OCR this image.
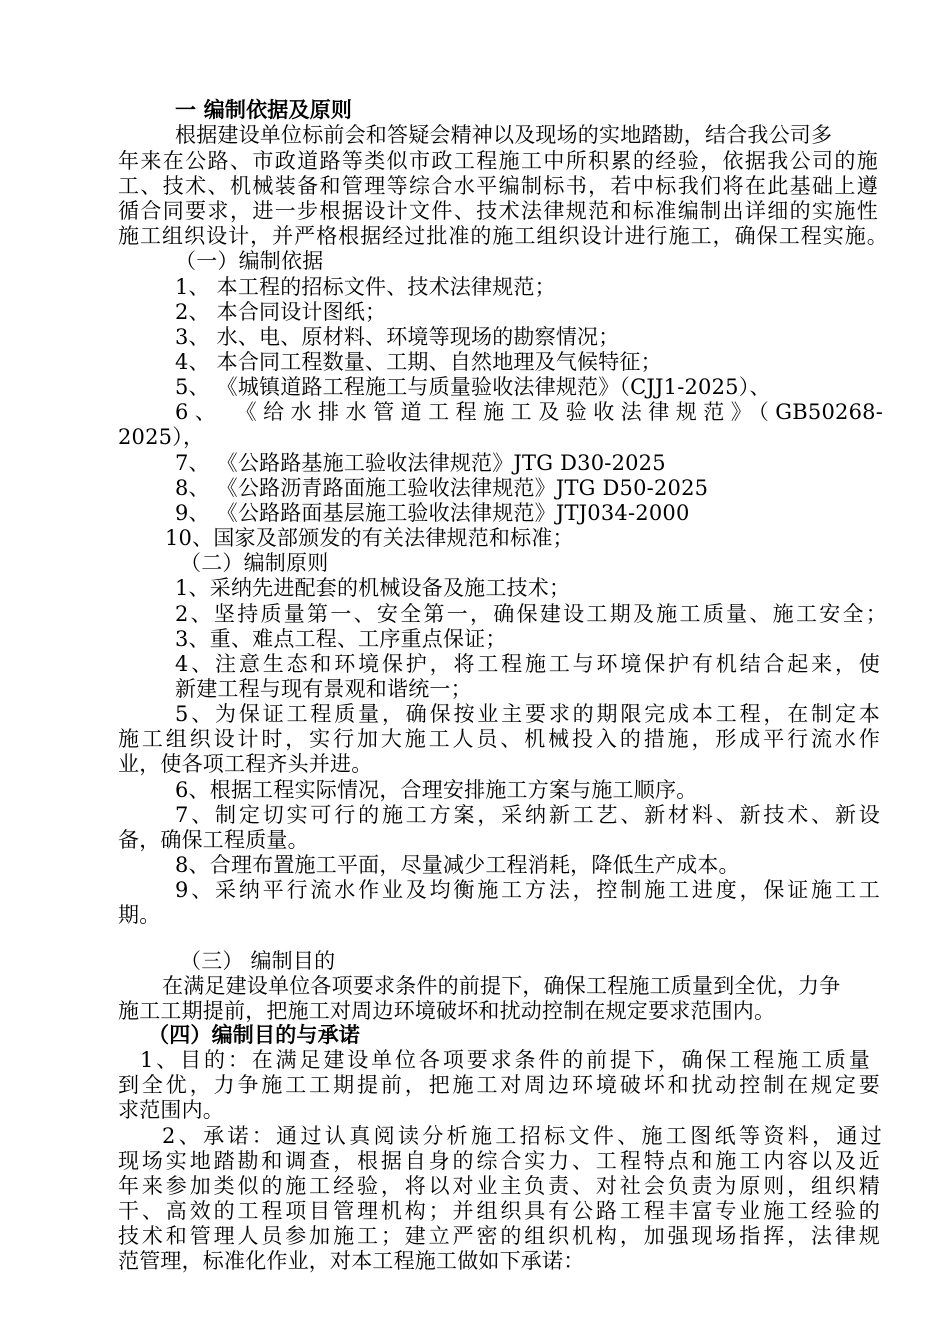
一 编制依据及原则
根据建设单位标前会和答疑会精神以及现场的实地踏勘，结合我公司多
年来在公路、市政道路等类似市政工程施工中所积累的经验，依据我公司的施
工、技术、机械装备和管理等综合水平编制标书，若中标我们将在此基础上遵
循合同要求，进一步根据设计文件、技术法律规范和标准编制出详细的实施性
施工组织设计，并严格根据经过批准的施工组织设计进行施工，确保工程实施。
（一）编制依据
1、 本工程的招标文件、技术法律规范；
2、 本合同设计图纸；
3、 水、电、原材料、环境等现场的勘察情况；
4、 本合同工程数量、工期、自然地理及气候特征；
5、 《城镇道路工程施工与质量验收法律规范》（CJJ1-2025）、
6、 《给水排水管道工程施工及验收法律规范》（GB50268-
2025），
7、 《公路路基施工验收法律规范》JTG D30-2025
8、 《公路沥青路面施工验收法律规范》JTG D50-2025
9、 《公路路面基层施工验收法律规范》JTJ034-2000
10、国家及部颁发的有关法律规范和标准；
（二）编制原则
1、采纳先进配套的机械设备及施工技术；
2、坚持质量第一、安全第一，确保建设工期及施工质量、施工安全；
3、重、难点工程、工序重点保证；
4、注意生态和环境保护，将工程施工与环境保护有机结合起来，使
新建工程与现有景观和谐统一；
5、为保证工程质量，确保按业主要求的期限完成本工程，在制定本
施工组织设计时，实行加大施工人员、机械投入的措施，形成平行流水作
业，使各项工程齐头并进。
6、根据工程实际情况，合理安排施工方案与施工顺序。
7、制定切实可行的施工方案，采纳新工艺、新材料、新技术、新设
备，确保工程质量。
8、合理布置施工平面，尽量减少工程消耗，降低生产成本。
9、采纳平行流水作业及均衡施工方法，控制施工进度，保证施工工
期。
（三） 编制目的
在满足建设单位各项要求条件的前提下，确保工程施工质量到全优，力争
施工工期提前，把施工对周边环境破坏和扰动控制在规定要求范围内。
（四）编制目的与承诺
1、目的：在满足建设单位各项要求条件的前提下，确保工程施工质量
到全优，力争施工工期提前，把施工对周边环境破坏和扰动控制在规定要
求范围内。
2、承诺：通过认真阅读分析施工招标文件、施工图纸等资料，通过
现场实地踏勘和调查，根据自身的综合实力、工程特点和施工内容以及近
年来参加类似的施工经验，将以对业主负责、对社会负责为原则，组织精
干、高效的工程项目管理机构；并组织具有公路工程丰富专业施工经验的
技术和管理人员参加施工；建立严密的组织机构，加强现场指挥，法律规
范管理，标准化作业，对本工程施工做如下承诺：
